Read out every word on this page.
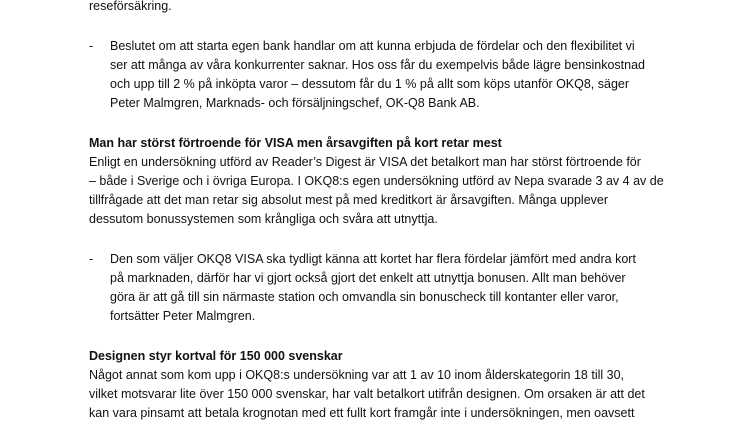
reseförsäkring.
- Beslutet om att starta egen bank handlar om att kunna erbjuda de fördelar och den flexibilitet vi
ser att många av våra konkurrenter saknar. Hos oss får du exempelvis både lägre bensinkostnad
och upp till 2 % på inköpta varor – dessutom får du 1 % på allt som köps utanför OKQ8, säger
Peter Malmgren, Marknads- och försäljningschef, OK-Q8 Bank AB.
Man har störst förtroende för VISA men årsavgiften på kort retar mest
Enligt en undersökning utförd av Reader’s Digest är VISA det betalkort man har störst förtroende för
– både i Sverige och i övriga Europa. I OKQ8:s egen undersökning utförd av Nepa svarade 3 av 4 av de
tillfrågade att det man retar sig absolut mest på med kreditkort är årsavgiften. Många upplever
dessutom bonussystemen som krångliga och svåra att utnyttja.
- Den som väljer OKQ8 VISA ska tydligt känna att kortet har flera fördelar jämfört med andra kort
på marknaden, därför har vi gjort också gjort det enkelt att utnyttja bonusen. Allt man behöver
göra är att gå till sin närmaste station och omvandla sin bonuscheck till kontanter eller varor,
fortsätter Peter Malmgren.
Designen styr kortval för 150 000 svenskar
Något annat som kom upp i OKQ8:s undersökning var att 1 av 10 inom ålderskategorin 18 till 30,
vilket motsvarar lite över 150 000 svenskar, har valt betalkort utifrån designen. Om orsaken är att det
kan vara pinsamt att betala krognotan med ett fullt kort framgår inte i undersökningen, men oavsett
